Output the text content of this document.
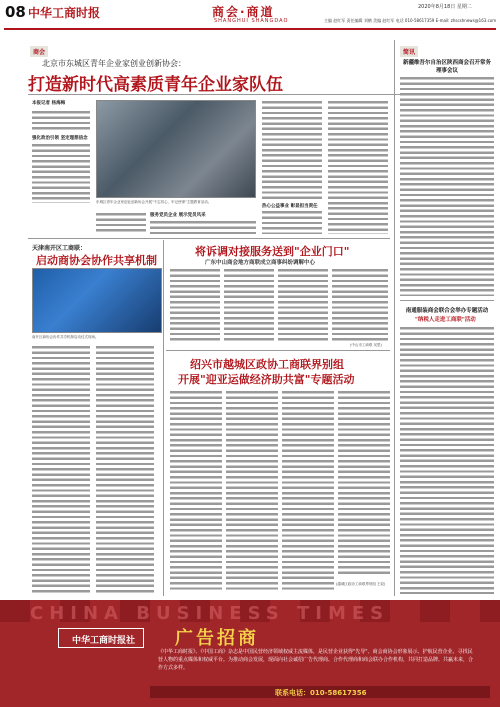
08 中华工商时报	商会·商道
SHANGHUI SHANGDAO
2020年8月18日 星期二
主编 赵红军 责任编辑 刘鹤 美编 赵红军 电话 010-58617359 E-mail: zhscshnews@163.com
商会
北京市东城区青年企业家创业创新协会：
打造新时代高素质青年企业家队伍
本报记者 杨海梅
强化政治引领 坚定理想信念
东城区青年企业家创业创新协会开展"不忘初心、牢记使命"主题教育活动。
热心公益事业 彰显担当责任
服务党员企业 展示党员风采
天津南开区工商联：
启动商协会协作共享机制
南开区商协会协作共享机制启动仪式现场。
将诉调对接服务送到"企业门口"
广东中山商会地方商联成立商事纠纷调解中心
(中山市工商联 吴思)
绍兴市越城区政协工商联界别组
开展"迎亚运做经济助共富"专题活动
(越城区政协工商联界别组 王姣)
简讯
新疆维吾尔自治区陕西商会召开常务理事会议
南通服装商会联合会举办专题活动
"纳税人走进工商联"活动
CHINA BUSINESS TIMES
中华工商时报社 广告招商
《中华工商时报》、《中国工商》杂志是中国民营经济领域权威主流媒体，是民营企业获得"先导"、商会商协会形象展示、护航民营企业、寻找民营人物的重点媒体和权威平台。为推动商会发展，现面向社会诚招广告代理商、合作代理商和商会联办合作机构，共同打造品牌、共赢未来，合作方式多样。
联系电话：010-58617356
